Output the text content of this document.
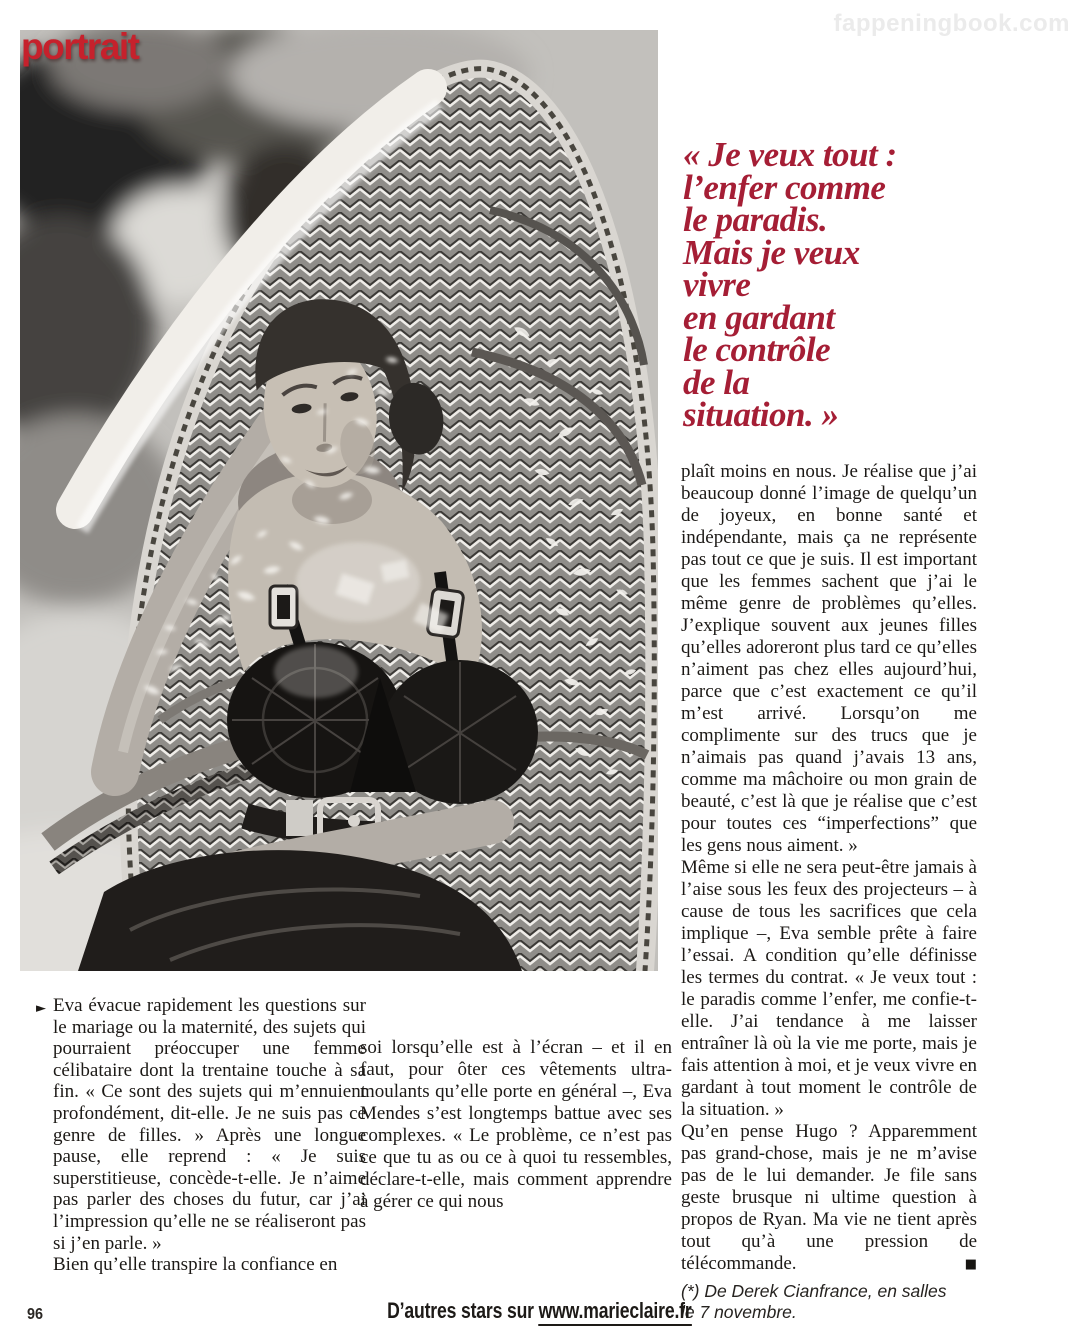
fappeningbook.com
portrait
« Je veux tout :
l’enfer comme
le paradis.
Mais je veux
vivre
en gardant
le contrôle
de la
situation. »
► Eva évacue rapidement les questions sur le mariage ou la maternité, des sujets qui pourraient préoccuper une femme célibataire dont la trentaine touche à sa fin. « Ce sont des sujets qui m’ennuient profondément, dit-elle. Je ne suis pas ce genre de filles. » Après une longue pause, elle reprend : « Je suis superstitieuse, concède-t-elle. Je n’aime pas parler des choses du futur, car j’ai l’impression qu’elle ne se réaliseront pas si j’en parle. »

Bien qu’elle transpire la confiance en

soi lorsqu’elle est à l’écran – et il en faut, pour ôter ces vêtements ultra-moulants qu’elle porte en général –, Eva Mendes s’est longtemps battue avec ses complexes. « Le problème, ce n’est pas ce que tu as ou ce à quoi tu ressembles, déclare-t-elle, mais comment apprendre à gérer ce qui nous

plaît moins en nous. Je réalise que j’ai beaucoup donné l’image de quelqu’un de joyeux, en bonne santé et indépendante, mais ça ne représente pas tout ce que je suis. Il est important que les femmes sachent que j’ai le même genre de problèmes qu’elles. J’explique souvent aux jeunes filles qu’elles adoreront plus tard ce qu’elles n’aiment pas chez elles aujourd’hui, parce que c’est exactement ce qu’il m’est arrivé. Lorsqu’on me complimente sur des trucs que je n’aimais pas quand j’avais 13 ans, comme ma mâchoire ou mon grain de beauté, c’est là que je réalise que c’est pour toutes ces “imperfections” que les gens nous aiment. »

Même si elle ne sera peut-être jamais à l’aise sous les feux des projecteurs – à cause de tous les sacrifices que cela implique –, Eva semble prête à faire l’essai. A condition qu’elle définisse les termes du contrat. « Je veux tout : le paradis comme l’enfer, me confie-t-elle. J’ai tendance à me laisser entraîner là où la vie me porte, mais je fais attention à moi, et je veux vivre en gardant à tout moment le contrôle de la situation. »

Qu’en pense Hugo ? Apparemment pas grand-chose, mais je ne m’avise pas de le lui demander. Je file sans geste brusque ni ultime question à propos de Ryan. Ma vie ne tient après tout qu’à une pression de télécommande.	■
(*) De Derek Cianfrance, en salles
le 7 novembre.
96	D’autres stars sur www.marieclaire.fr
